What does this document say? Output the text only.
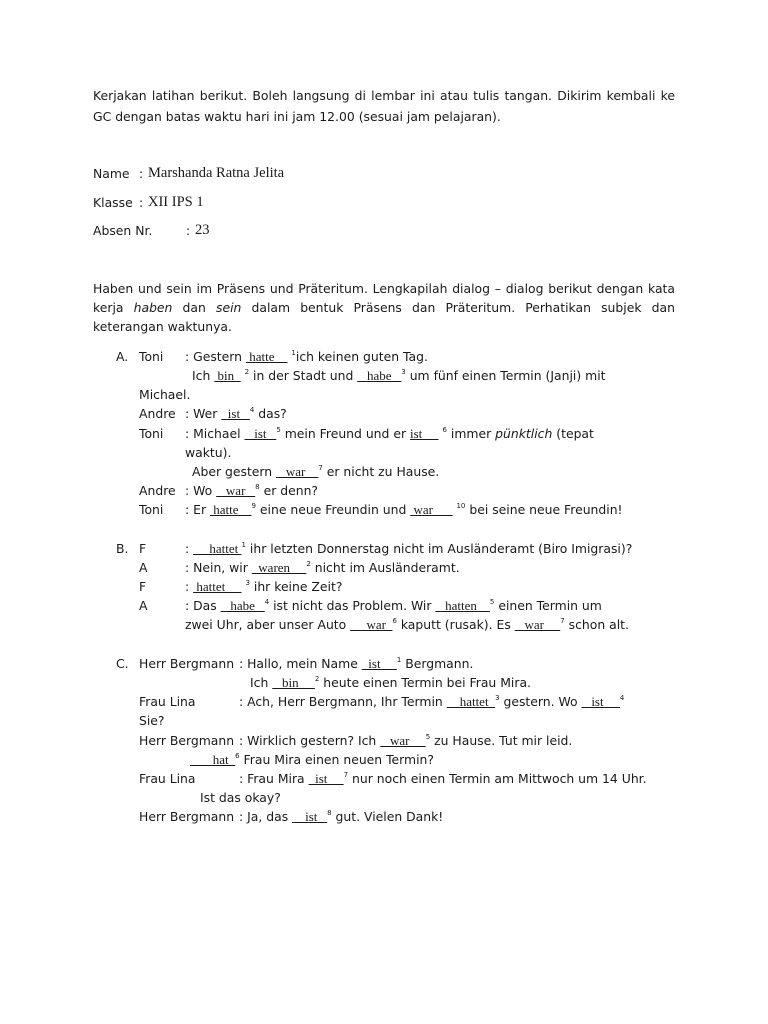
Kerjakan latihan berikut. Boleh langsung di lembar ini atau tulis tangan. Dikirim kembali ke
GC dengan batas waktu hari ini jam 12.00 (sesuai jam pelajaran).
Name : Marshanda Ratna Jelita
Klasse : XII IPS 1
Absen Nr.	: 23
Haben und sein im Präsens und Präteritum. Lengkapilah dialog – dialog berikut dengan kata
kerja haben dan sein dalam bentuk Präsens dan Präteritum. Perhatikan subjek dan
keterangan waktunya.
A. Toni : Gestern  hatte     $^1$ich keinen guten Tag.
Ich  bin   $^2$ in der Stadt und    habe   $^3$ um fünf einen Termin (Janji) mit
Michael.
Andre : Wer   ist   $^4$ das?
Toni : Michael    ist   $^5$ mein Freund und er ist      $^6$ immer pünktlich (tepat
waktu).
Aber gestern    war    $^7$ er nicht zu Hause.
Andre : Wo    war   $^8$ er denn?
Toni : Er  hatte    $^9$ eine neue Freundin und  war       $^{10}$ bei seine neue Freundin!
B. F	:      hattet $^1$ ihr letzten Donnerstag nicht im Ausländeramt (Biro Imigrasi)?
A	: Nein, wir   waren     $^2$ nicht im Ausländeramt.
F	:  hattet      $^3$ ihr keine Zeit?
A	: Das    habe   $^4$ ist nicht das Problem. Wir    hatten    $^5$ einen Termin um
zwei Uhr, aber unser Auto      war  $^6$ kaputt (rusak). Es    war     $^7$ schon alt.
C. Herr Bergmann : Hallo, mein Name   ist     $^1$ Bergmann.
Ich    bin     $^2$ heute einen Termin bei Frau Mira.
Frau Lina	: Ach, Herr Bergmann, Ihr Termin     hattet  $^3$ gestern. Wo    ist     $^4$
Sie?
Herr Bergmann : Wirklich gestern? Ich    war     $^5$ zu Hause. Tut mir leid.
hat  $^6$ Frau Mira einen neuen Termin?
Frau Lina	: Frau Mira   ist     $^7$ nur noch einen Termin am Mittwoch um 14 Uhr.
Ist das okay?
Herr Bergmann : Ja, das     ist   $^8$ gut. Vielen Dank!
